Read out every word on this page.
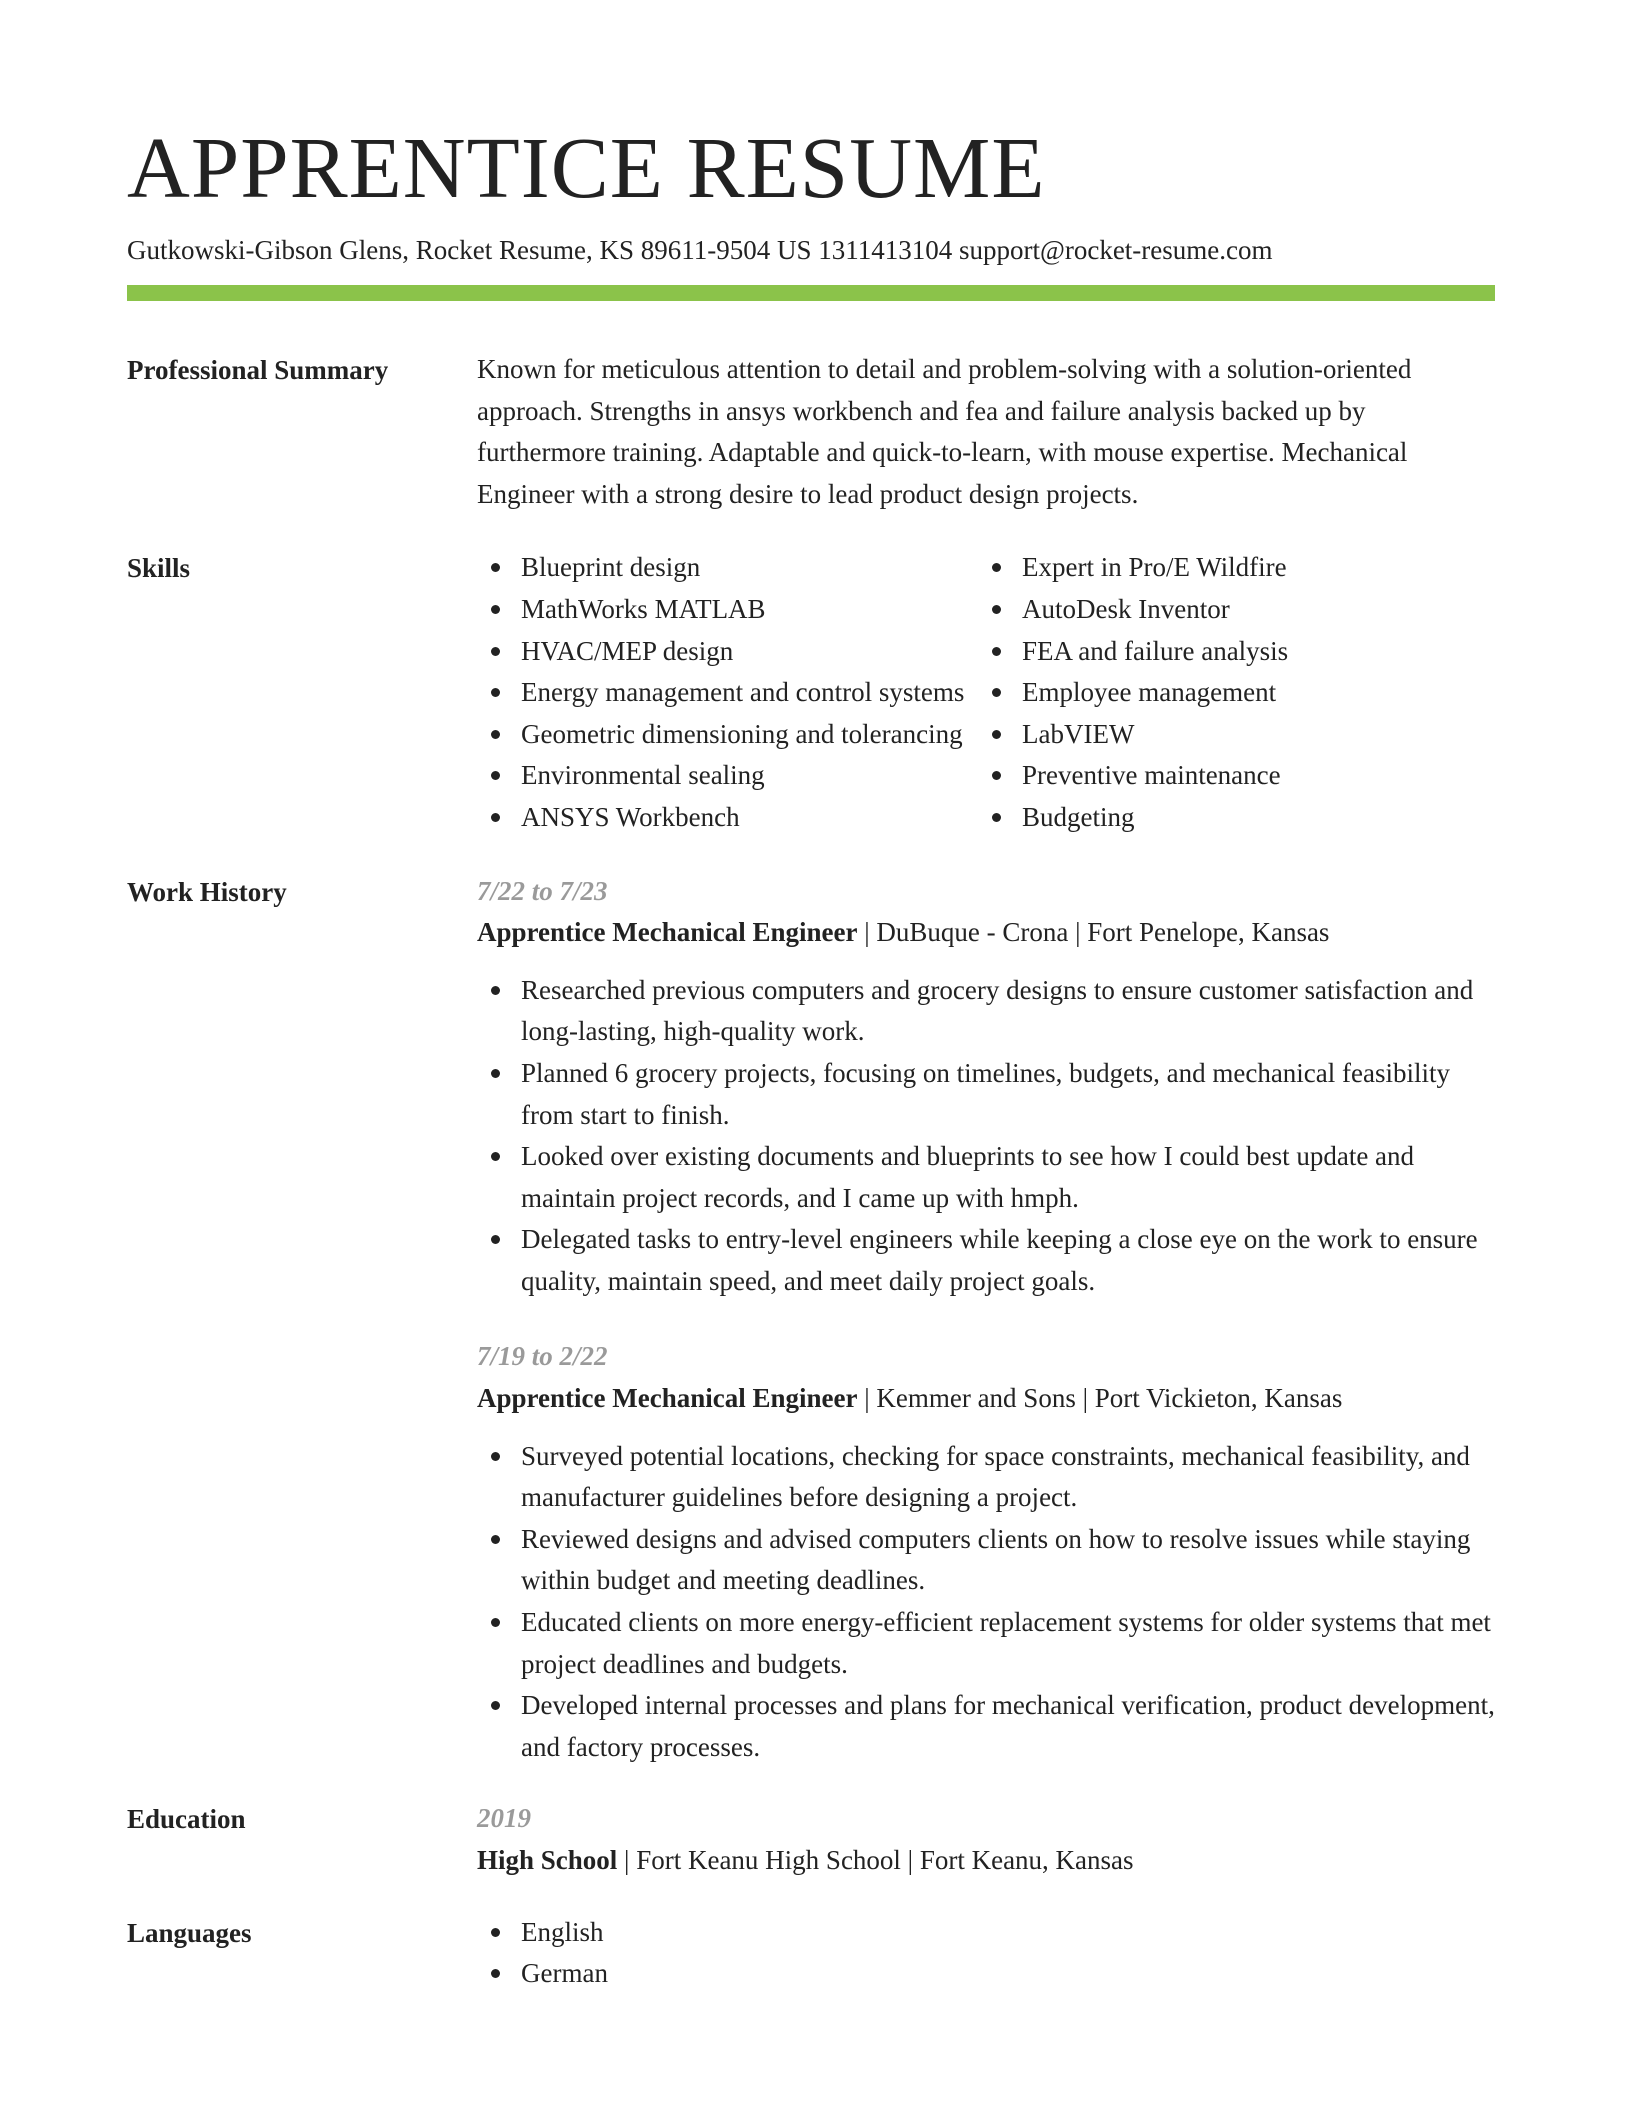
APPRENTICE RESUME
Gutkowski-Gibson Glens, Rocket Resume, KS 89611-9504 US 1311413104 support@rocket-resume.com
Professional Summary	Known for meticulous attention to detail and problem-solving with a solution-oriented approach. Strengths in ansys workbench and fea and failure analysis backed up by furthermore training. Adaptable and quick-to-learn, with mouse expertise. Mechanical Engineer with a strong desire to lead product design projects.

Skills	Blueprint design
MathWorks MATLAB
HVAC/MEP design
Energy management and control systems
Geometric dimensioning and tolerancing
Environmental sealing
ANSYS Workbench
Expert in Pro/E Wildfire
AutoDesk Inventor
FEA and failure analysis
Employee management
LabVIEW
Preventive maintenance
Budgeting
Work History	7/22 to 7/23
Apprentice Mechanical Engineer | DuBuque - Crona | Fort Penelope, Kansas
Researched previous computers and grocery designs to ensure customer satisfaction and long-lasting, high-quality work.
Planned 6 grocery projects, focusing on timelines, budgets, and mechanical feasibility from start to finish.
Looked over existing documents and blueprints to see how I could best update and maintain project records, and I came up with hmph.
Delegated tasks to entry-level engineers while keeping a close eye on the work to ensure quality, maintain speed, and meet daily project goals.
7/19 to 2/22
Apprentice Mechanical Engineer | Kemmer and Sons | Port Vickieton, Kansas
Surveyed potential locations, checking for space constraints, mechanical feasibility, and manufacturer guidelines before designing a project.
Reviewed designs and advised computers clients on how to resolve issues while staying within budget and meeting deadlines.
Educated clients on more energy-efficient replacement systems for older systems that met project deadlines and budgets.
Developed internal processes and plans for mechanical verification, product development, and factory processes.
Education	2019
High School | Fort Keanu High School | Fort Keanu, Kansas
Languages	English
German
